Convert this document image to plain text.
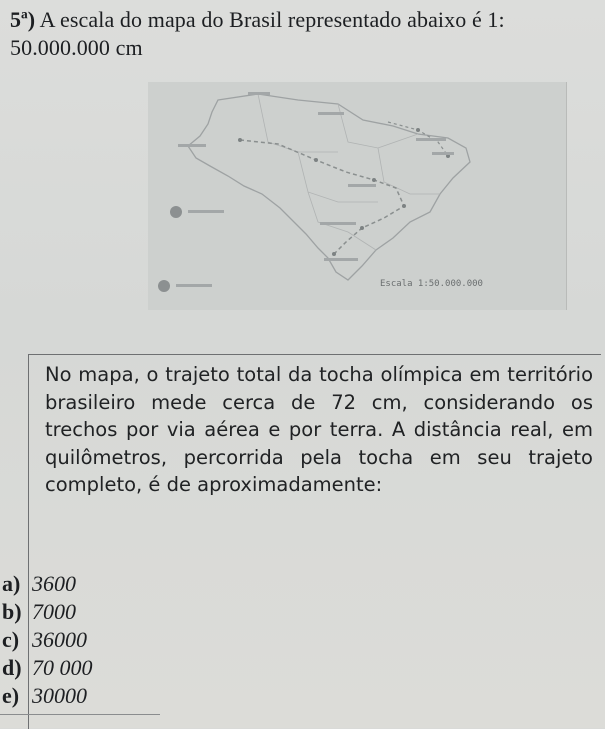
5ª) A escala do mapa do Brasil representado abaixo é 1: 50.000.000 cm
Escala 1:50.000.000
No mapa, o trajeto total da tocha olímpica em território brasileiro mede cerca de 72 cm, considerando os trechos por via aérea e por terra. A distância real, em quilômetros, percorrida pela tocha em seu trajeto completo, é de aproximadamente:
a) 3600
b) 7000
c) 36000
d) 70 000
e) 30000
